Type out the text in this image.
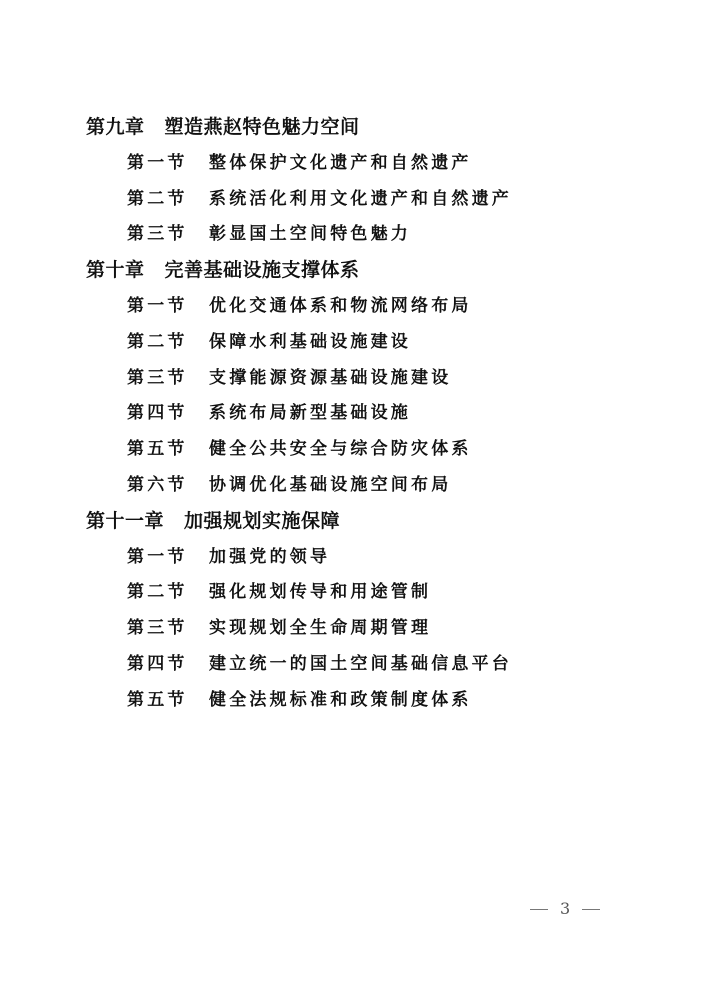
第九章 塑造燕赵特色魅力空间
第一节 整体保护文化遗产和自然遗产
第二节 系统活化利用文化遗产和自然遗产
第三节 彰显国土空间特色魅力
第十章 完善基础设施支撑体系
第一节 优化交通体系和物流网络布局
第二节 保障水利基础设施建设
第三节 支撑能源资源基础设施建设
第四节 系统布局新型基础设施
第五节 健全公共安全与综合防灾体系
第六节 协调优化基础设施空间布局
第十一章 加强规划实施保障
第一节 加强党的领导
第二节 强化规划传导和用途管制
第三节 实现规划全生命周期管理
第四节 建立统一的国土空间基础信息平台
第五节 健全法规标准和政策制度体系
3
